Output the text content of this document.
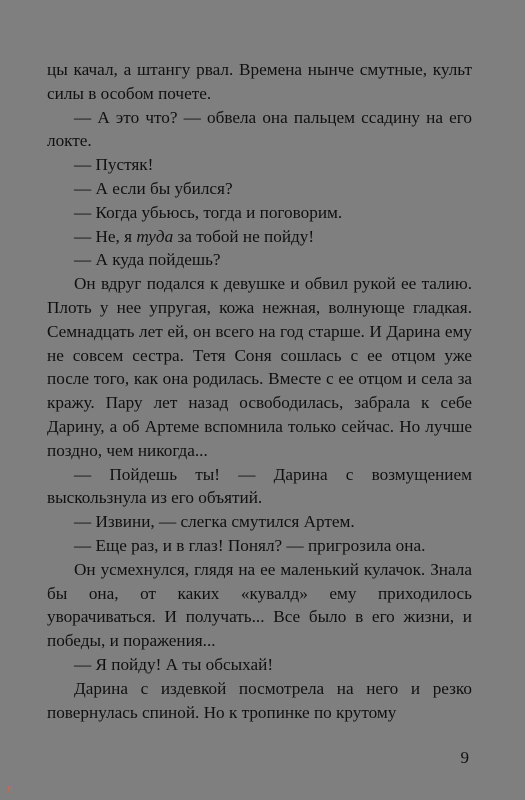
цы качал, а штангу рвал. Времена нынче смутные, культ силы в особом почете.

— А это что? — обвела она пальцем ссадину на его локте.

— Пустяк!

— А если бы убился?

— Когда убьюсь, тогда и поговорим.

— Не, я туда за тобой не пойду!

— А куда пойдешь?

Он вдруг подался к девушке и обвил рукой ее талию. Плоть у нее упругая, кожа нежная, волнующе гладкая. Семнадцать лет ей, он всего на год старше. И Дарина ему не совсем сестра. Тетя Соня сошлась с ее отцом уже после того, как она родилась. Вместе с ее отцом и села за кражу. Пару лет назад освободилась, забрала к себе Дарину, а об Артеме вспомнила только сейчас. Но лучше поздно, чем никогда...

— Пойдешь ты! — Дарина с возмущением выскользнула из его объятий.

— Извини, — слегка смутился Артем.

— Еще раз, и в глаз! Понял? — пригрозила она.

Он усмехнулся, глядя на ее маленький кулачок. Знала бы она, от каких «кувалд» ему приходилось уворачиваться. И получать... Все было в его жизни, и победы, и поражения...

— Я пойду! А ты обсыхай!

Дарина с издевкой посмотрела на него и резко повернулась спиной. Но к тропинке по крутому

9
Л
